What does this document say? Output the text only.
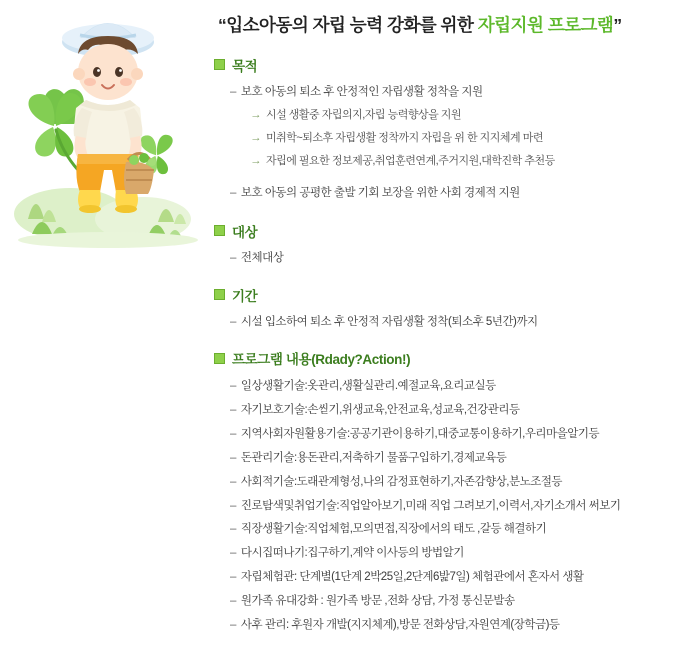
“입소아동의 자립 능력 강화를 위한 자립지원 프로그램”
목적
– 보호 아동의 퇴소 후 안정적인 자립생활 정착을 지원
→ 시설 생활중 자립의지,자립 능력향상을 지원
→ 미취학~퇴소후 자립생활 정착까지 자립을 위 한 지지체계 마련
→ 자립에 필요한 정보제공,취업훈련연계,주거지원,대학진학 추천등
– 보호 아동의 공평한 출발 기회 보장을 위한 사회 경제적 지원
대상
– 전체대상
기간
– 시설 입소하여 퇴소 후 안정적 자립생활 정착(퇴소후 5년간)까지
프로그램 내용(Rdady?Action!)
– 일상생활기술:옷관리,생활실관리.예절교육,요리교실등
– 자기보호기술:손씯기,위생교육,안전교육,성교육,건강관리등
– 지역사회자원활용기술:공공기관이용하기,대중교통이용하기,우리마을알기등
– 돈관리기술:용돈관리,저축하기 물품구입하기,경제교육등
– 사회적기술:도래관계형성,나의 감정표현하기,자존감향상,분노조절등
– 진로탐색및취업기술:직업알아보기,미래 직업 그려보기,이력서,자기소개서 써보기
– 직장생활기술:직업체험,모의면접,직장에서의 태도 ,갈등 해결하기
– 다시집떠나기:집구하기,계약 이사등의 방법알기
– 자립체험관: 단계별(1단계 2박25일,2단계6밡7일) 체험관에서 혼자서 생활
– 원가족 유대강화 : 원가족 방문 ,전화 상담, 가정 통신문발송
– 사후 관리: 후원자 개발(지지체계),방문 전화상담,자원연계(장학금)등
